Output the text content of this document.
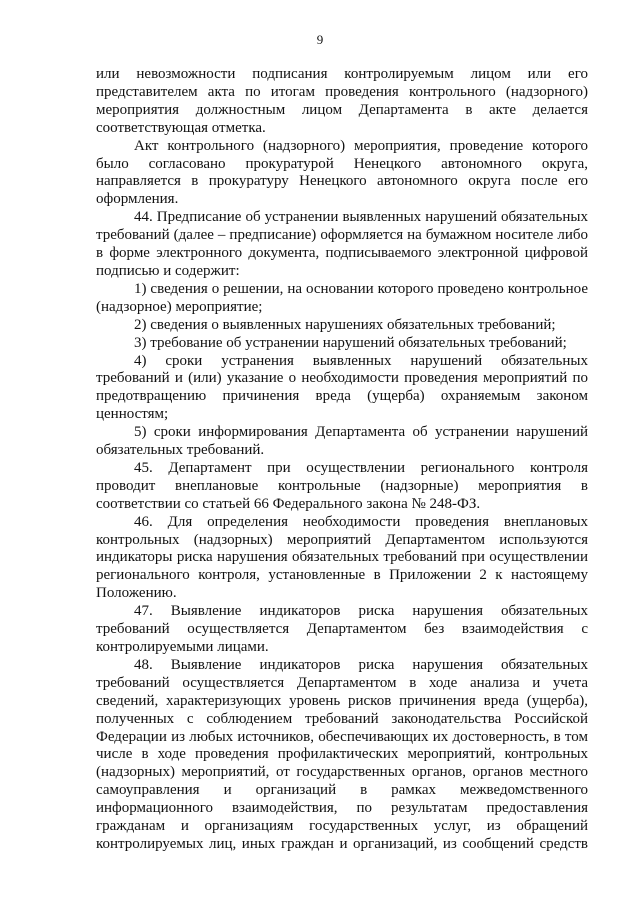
9

или невозможности подписания контролируемым лицом или его представителем акта по итогам проведения контрольного (надзорного) мероприятия должностным лицом Департамента в акте делается соответствующая отметка.

Акт контрольного (надзорного) мероприятия, проведение которого было согласовано прокуратурой Ненецкого автономного округа, направляется в прокуратуру Ненецкого автономного округа после его оформления.

44. Предписание об устранении выявленных нарушений обязательных требований (далее – предписание) оформляется на бумажном носителе либо в форме электронного документа, подписываемого электронной цифровой подписью и содержит:

1) сведения о решении, на основании которого проведено контрольное (надзорное) мероприятие;

2) сведения о выявленных нарушениях обязательных требований;

3) требование об устранении нарушений обязательных требований;

4) сроки устранения выявленных нарушений обязательных требований и (или) указание о необходимости проведения мероприятий по предотвращению причинения вреда (ущерба) охраняемым законом ценностям;

5) сроки информирования Департамента об устранении нарушений обязательных требований.

45. Департамент при осуществлении регионального контроля проводит внеплановые контрольные (надзорные) мероприятия в соответствии со статьей 66 Федерального закона № 248-ФЗ.

46. Для определения необходимости проведения внеплановых контрольных (надзорных) мероприятий Департаментом используются индикаторы риска нарушения обязательных требований при осуществлении регионального контроля, установленные в Приложении 2 к настоящему Положению.

47. Выявление индикаторов риска нарушения обязательных требований осуществляется Департаментом без взаимодействия с контролируемыми лицами.

48. Выявление индикаторов риска нарушения обязательных требований осуществляется Департаментом в ходе анализа и учета сведений, характеризующих уровень рисков причинения вреда (ущерба), полученных с соблюдением требований законодательства Российской Федерации из любых источников, обеспечивающих их достоверность, в том числе в ходе проведения профилактических мероприятий, контрольных (надзорных) мероприятий, от государственных органов, органов местного самоуправления и организаций в рамках межведомственного информационного взаимодействия, по результатам предоставления гражданам и организациям государственных услуг, из обращений контролируемых лиц, иных граждан и организаций, из сообщений средств
